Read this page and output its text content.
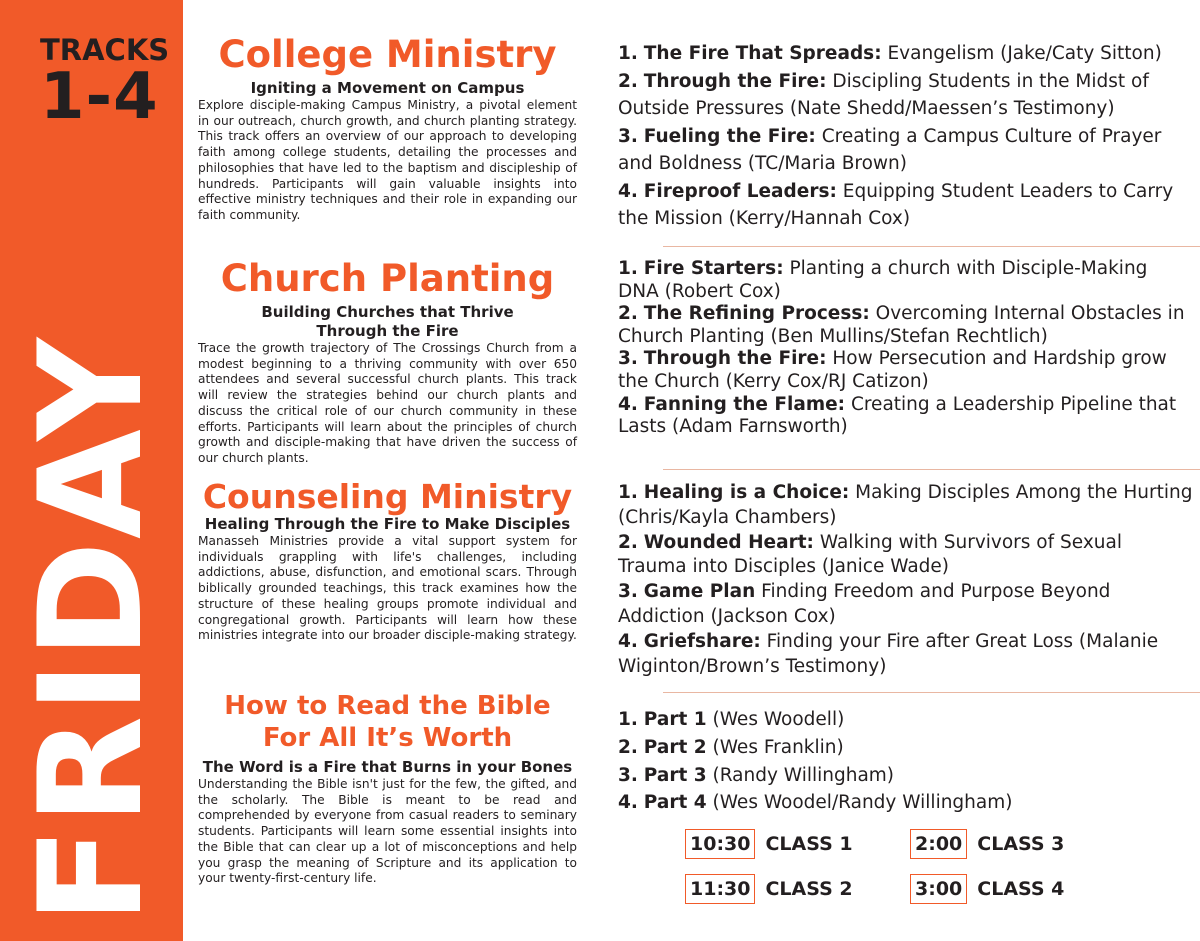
TRACKS
1-4
FRIDAY
College Ministry
Igniting a Movement on Campus
Explore disciple-making Campus Ministry, a pivotal element in our outreach, church growth, and church planting strategy. This track offers an overview of our approach to developing faith among college students, detailing the processes and philosophies that have led to the baptism and discipleship of hundreds. Participants will gain valuable insights into effective ministry techniques and their role in expanding our faith community.
Church Planting
Building Churches that Thrive
Through the Fire
Trace the growth trajectory of The Crossings Church from a modest beginning to a thriving community with over 650 attendees and several successful church plants. This track will review the strategies behind our church plants and discuss the critical role of our church community in these efforts. Participants will learn about the principles of church growth and disciple-making that have driven the success of our church plants.
Counseling Ministry
Healing Through the Fire to Make Disciples
Manasseh Ministries provide a vital support system for individuals grappling with life's challenges, including addictions, abuse, disfunction, and emotional scars. Through biblically grounded teachings, this track examines how the structure of these healing groups promote individual and congregational growth. Participants will learn how these ministries integrate into our broader disciple-making strategy.
How to Read the Bible
For All It’s Worth
The Word is a Fire that Burns in your Bones
Understanding the Bible isn't just for the few, the gifted, and the scholarly. The Bible is meant to be read and comprehended by everyone from casual readers to seminary students. Participants will learn some essential insights into the Bible that can clear up a lot of misconceptions and help you grasp the meaning of Scripture and its application to your twenty-first-century life.
1. The Fire That Spreads: Evangelism (Jake/Caty Sitton)
2. Through the Fire: Discipling Students in the Midst of Outside Pressures (Nate Shedd/Maessen’s Testimony)
3. Fueling the Fire: Creating a Campus Culture of Prayer and Boldness (TC/Maria Brown)
4. Fireproof Leaders: Equipping Student Leaders to Carry the Mission (Kerry/Hannah Cox)
1. Fire Starters: Planting a church with Disciple-Making DNA (Robert Cox)
2. The Refining Process: Overcoming Internal Obstacles in Church Planting (Ben Mullins/Stefan Rechtlich)
3. Through the Fire: How Persecution and Hardship grow the Church (Kerry Cox/RJ Catizon)
4. Fanning the Flame: Creating a Leadership Pipeline that Lasts (Adam Farnsworth)
1. Healing is a Choice: Making Disciples Among the Hurting (Chris/Kayla Chambers)
2. Wounded Heart: Walking with Survivors of Sexual Trauma into Disciples (Janice Wade)
3. Game Plan Finding Freedom and Purpose Beyond Addiction (Jackson Cox)
4. Griefshare: Finding your Fire after Great Loss (Malanie Wiginton/Brown’s Testimony)
1. Part 1 (Wes Woodell)
2. Part 2 (Wes Franklin)
3. Part 3 (Randy Willingham)
4. Part 4 (Wes Woodel/Randy Willingham)
10:30 CLASS 1
11:30 CLASS 2
2:00 CLASS 3
3:00 CLASS 4
